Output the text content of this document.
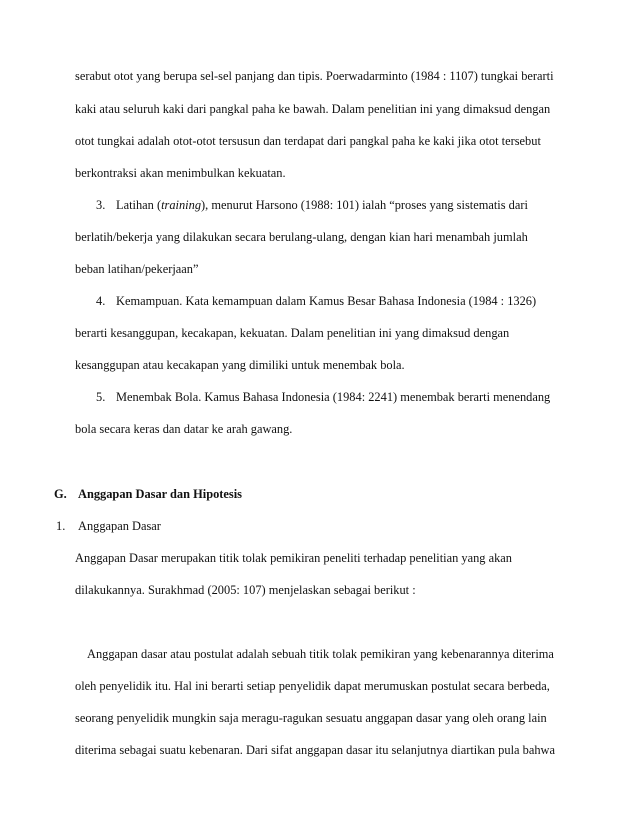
serabut otot yang berupa sel-sel panjang dan tipis. Poerwadarminto (1984 : 1107) tungkai berarti
kaki atau seluruh kaki dari pangkal paha ke bawah. Dalam penelitian ini yang dimaksud dengan
otot tungkai adalah otot-otot tersusun dan terdapat dari pangkal paha ke kaki jika otot tersebut
berkontraksi akan menimbulkan kekuatan.
3. Latihan (training), menurut Harsono (1988: 101) ialah “proses yang sistematis dari
berlatih/bekerja yang dilakukan secara berulang-ulang, dengan kian hari menambah jumlah
beban latihan/pekerjaan”
4. Kemampuan. Kata kemampuan dalam Kamus Besar Bahasa Indonesia (1984 : 1326)
berarti kesanggupan, kecakapan, kekuatan. Dalam penelitian ini yang dimaksud dengan
kesanggupan atau kecakapan yang dimiliki untuk menembak bola.
5. Menembak Bola. Kamus Bahasa Indonesia (1984: 2241) menembak berarti menendang
bola secara keras dan datar ke arah gawang.
G. Anggapan Dasar dan Hipotesis
1. Anggapan Dasar
Anggapan Dasar merupakan titik tolak pemikiran peneliti terhadap penelitian yang akan
dilakukannya. Surakhmad (2005: 107) menjelaskan sebagai berikut :
Anggapan dasar atau postulat adalah sebuah titik tolak pemikiran yang kebenarannya diterima
oleh penyelidik itu. Hal ini berarti setiap penyelidik dapat merumuskan postulat secara berbeda,
seorang penyelidik mungkin saja meragu-ragukan sesuatu anggapan dasar yang oleh orang lain
diterima sebagai suatu kebenaran. Dari sifat anggapan dasar itu selanjutnya diartikan pula bahwa
